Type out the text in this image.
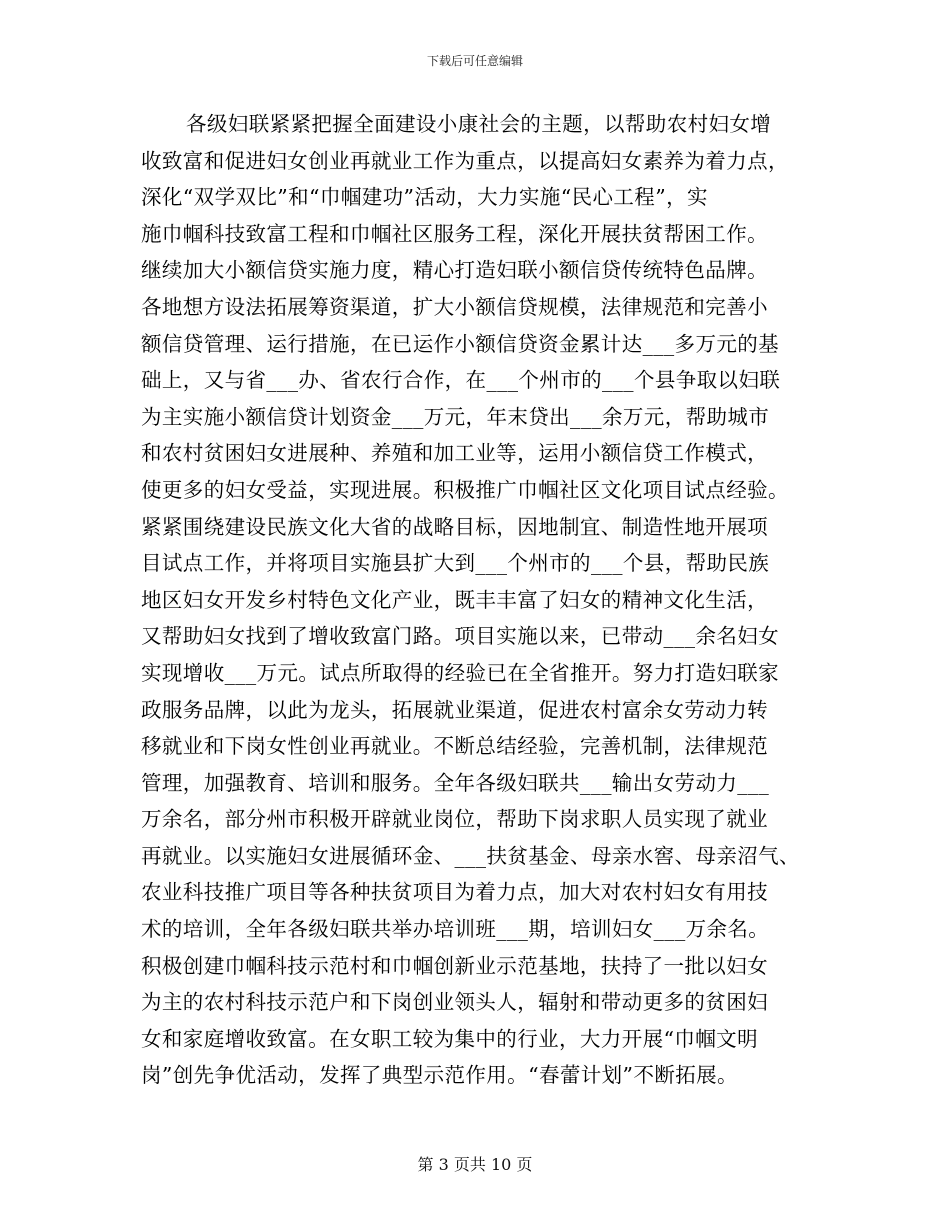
下载后可任意编辑
各级妇联紧紧把握全面建设小康社会的主题，以帮助农村妇女增
收致富和促进妇女创业再就业工作为重点，以提高妇女素养为着力点，
深化“双学双比”和“巾帼建功”活动，大力实施“民心工程”，实
施巾帼科技致富工程和巾帼社区服务工程，深化开展扶贫帮困工作。
继续加大小额信贷实施力度，精心打造妇联小额信贷传统特色品牌。
各地想方设法拓展筹资渠道，扩大小额信贷规模，法律规范和完善小
额信贷管理、运行措施，在已运作小额信贷资金累计达___多万元的基
础上，又与省___办、省农行合作，在___个州市的___个县争取以妇联
为主实施小额信贷计划资金___万元，年末贷出___余万元，帮助城市
和农村贫困妇女进展种、养殖和加工业等，运用小额信贷工作模式，
使更多的妇女受益，实现进展。积极推广巾帼社区文化项目试点经验。
紧紧围绕建设民族文化大省的战略目标，因地制宜、制造性地开展项
目试点工作，并将项目实施县扩大到___个州市的___个县，帮助民族
地区妇女开发乡村特色文化产业，既丰丰富了妇女的精神文化生活，
又帮助妇女找到了增收致富门路。项目实施以来，已带动___余名妇女
实现增收___万元。试点所取得的经验已在全省推开。努力打造妇联家
政服务品牌，以此为龙头，拓展就业渠道，促进农村富余女劳动力转
移就业和下岗女性创业再就业。不断总结经验，完善机制，法律规范
管理，加强教育、培训和服务。全年各级妇联共___输出女劳动力___
万余名，部分州市积极开辟就业岗位，帮助下岗求职人员实现了就业
再就业。以实施妇女进展循环金、___扶贫基金、母亲水窖、母亲沼气、
农业科技推广项目等各种扶贫项目为着力点，加大对农村妇女有用技
术的培训，全年各级妇联共举办培训班___期，培训妇女___万余名。
积极创建巾帼科技示范村和巾帼创新业示范基地，扶持了一批以妇女
为主的农村科技示范户和下岗创业领头人，辐射和带动更多的贫困妇
女和家庭增收致富。在女职工较为集中的行业，大力开展“巾帼文明
岗”创先争优活动，发挥了典型示范作用。“春蕾计划”不断拓展。
第 3 页共 10 页
